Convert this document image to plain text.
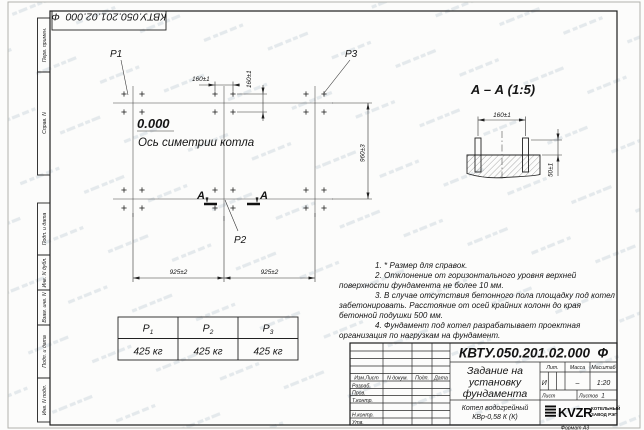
Перв. примен.
Справ. N
Подп. и дата
Инв. N дубл.
Взам. инв. N
Подп. и дата
Инв. N подл.
КВТУ.050.201.02.000  Ф
P1	P3
P2
0.000
Ось симетрии котла
А	А
160±1	160±1
960±3
925±2	925±2
А – А (1:5)
160±1
50±1
$P_1$	$P_2$	$P_3$
425 кг	425 кг	425 кг	КВТУ.050.201.02.000  Ф
Изм.Лист N докум. Подп. Дата
Разраб.
Пров.
Т.контр.
Н.контр.
Утв.
Задание на
установку
фундамента
Лит. Масса Масштаб
И	– 1:20
Лист	Листов 1
Котел водогрейный
КВр-0,58 К (К)	KVZR
КОТЕЛЬНЫЙ
ЗАВОД РЭП
Формат А3

1. * Размер для справок.

2. Отклонение от горизонтального уровня верхней поверхности фундамента не более 10 мм.

3. В случае отсутствия бетонного пола площадку под котел забетонировать. Расстояние от осей крайних колонн до края бетонной подушки 500 мм.

4. Фундамент под котел разрабатывает проектная организация по нагрузкам на фундамент.
